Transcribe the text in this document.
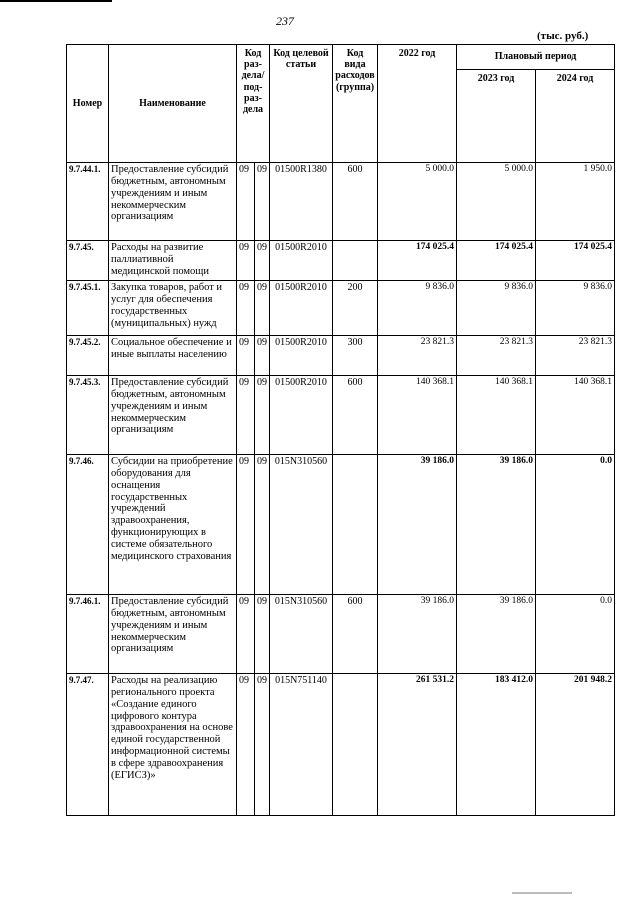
237
(тыс. руб.)
Номер	Наименование	Код раз- дела/ под- раз- дела		Код целевой статьи	Код вида расходов (группа)	2022 год	Плановый период	
							2023 год	2024 год
9.7.44.1.	Предоставление субсидий бюджетным, автономным учреждениям и иным некоммерческим организациям	09	09	01500R1380	600	5 000.0	5 000.0	1 950.0
9.7.45.	Расходы на развитие паллиативной медицинской помощи	09	09	01500R2010		174 025.4	174 025.4	174 025.4
9.7.45.1.	Закупка товаров, работ и услуг для обеспечения государственных (муниципальных) нужд	09	09	01500R2010	200	9 836.0	9 836.0	9 836.0
9.7.45.2.	Социальное обеспечение и иные выплаты населению	09	09	01500R2010	300	23 821.3	23 821.3	23 821.3
9.7.45.3.	Предоставление субсидий бюджетным, автономным учреждениям и иным некоммерческим организациям	09	09	01500R2010	600	140 368.1	140 368.1	140 368.1
9.7.46.	Субсидии на приобретение оборудования для оснащения государственных учреждений здравоохранения, функционирующих в системе обязательного медицинского страхования	09	09	015N310560		39 186.0	39 186.0	0.0
9.7.46.1.	Предоставление субсидий бюджетным, автономным учреждениям и иным некоммерческим организациям	09	09	015N310560	600	39 186.0	39 186.0	0.0
9.7.47.	Расходы на реализацию регионального проекта «Создание единого цифрового контура здравоохранения на основе единой государственной информационной системы в сфере здравоохранения (ЕГИСЗ)»	09	09	015N751140		261 531.2	183 412.0	201 948.2
